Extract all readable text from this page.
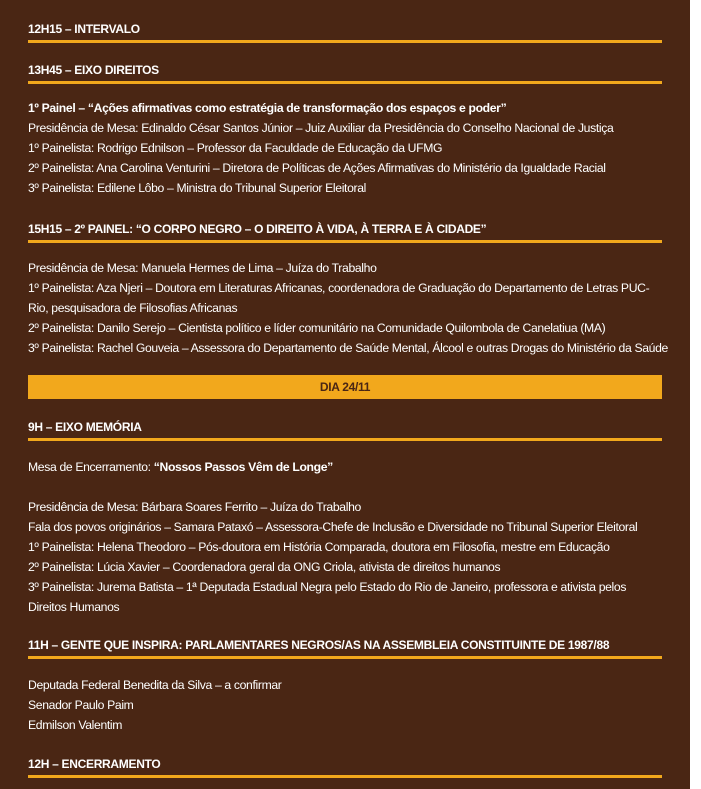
12H15 – INTERVALO
13H45 – EIXO DIREITOS
1º Painel – “Ações afirmativas como estratégia de transformação dos espaços e poder”
Presidência de Mesa: Edinaldo César Santos Júnior – Juiz Auxiliar da Presidência do Conselho Nacional de Justiça
1º Painelista: Rodrigo Ednilson – Professor da Faculdade de Educação da UFMG
2º Painelista: Ana Carolina Venturini – Diretora de Políticas de Ações Afirmativas do Ministério da Igualdade Racial
3º Painelista: Edilene Lôbo – Ministra do Tribunal Superior Eleitoral
15H15 – 2º PAINEL: “O CORPO NEGRO – O DIREITO À VIDA, À TERRA E À CIDADE”
Presidência de Mesa: Manuela Hermes de Lima – Juíza do Trabalho
1º Painelista: Aza Njeri – Doutora em Literaturas Africanas, coordenadora de Graduação do Departamento de Letras PUC-
Rio, pesquisadora de Filosofias Africanas
2º Painelista: Danilo Serejo – Cientista político e líder comunitário na Comunidade Quilombola de Canelatiua (MA)
3º Painelista: Rachel Gouveia – Assessora do Departamento de Saúde Mental, Álcool e outras Drogas do Ministério da Saúde
DIA 24/11
9H – EIXO MEMÓRIA
Mesa de Encerramento: “Nossos Passos Vêm de Longe”
Presidência de Mesa: Bárbara Soares Ferrito – Juíza do Trabalho
Fala dos povos originários – Samara Pataxó – Assessora-Chefe de Inclusão e Diversidade no Tribunal Superior Eleitoral
1º Painelista: Helena Theodoro – Pós-doutora em História Comparada, doutora em Filosofia, mestre em Educação
2º Painelista: Lúcia Xavier – Coordenadora geral da ONG Criola, ativista de direitos humanos
3º Painelista: Jurema Batista – 1ª Deputada Estadual Negra pelo Estado do Rio de Janeiro, professora e ativista pelos
Direitos Humanos
11H – GENTE QUE INSPIRA: PARLAMENTARES NEGROS/AS NA ASSEMBLEIA CONSTITUINTE DE 1987/88
Deputada Federal Benedita da Silva – a confirmar
Senador Paulo Paim
Edmilson Valentim
12H – ENCERRAMENTO
